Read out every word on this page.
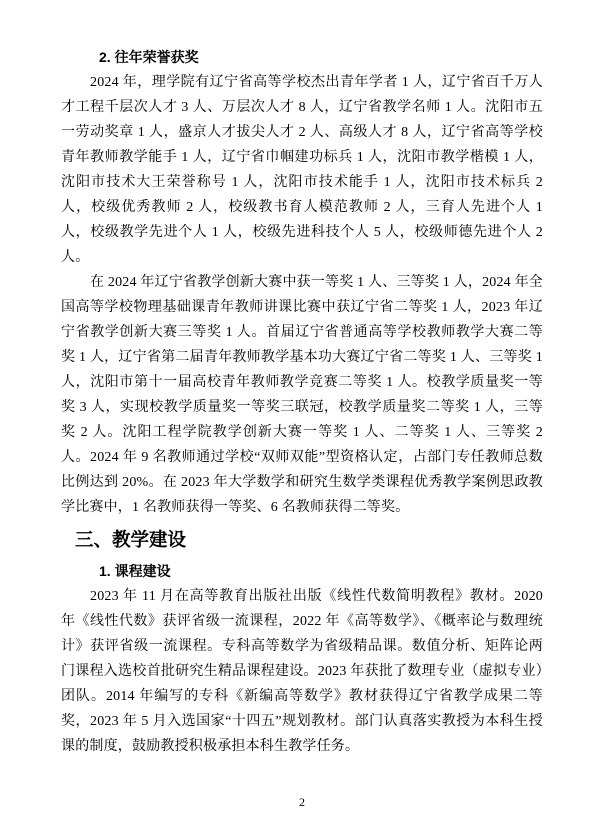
2. 往年荣誉获奖

2024 年，理学院有辽宁省高等学校杰出青年学者 1 人，辽宁省百千万人才工程千层次人才 3 人、万层次人才 8 人，辽宁省教学名师 1 人。沈阳市五一劳动奖章 1 人，盛京人才拔尖人才 2 人、高级人才 8 人，辽宁省高等学校青年教师教学能手 1 人，辽宁省巾帼建功标兵 1 人，沈阳市教学楷模 1 人，沈阳市技术大王荣誉称号 1 人，沈阳市技术能手 1 人，沈阳市技术标兵 2 人，校级优秀教师 2 人，校级教书育人模范教师 2 人，三育人先进个人 1 人，校级教学先进个人 1 人，校级先进科技个人 5 人，校级师德先进个人 2 人。

在 2024 年辽宁省教学创新大赛中获一等奖 1 人、三等奖 1 人，2024 年全国高等学校物理基础课青年教师讲课比赛中获辽宁省二等奖 1 人，2023 年辽宁省教学创新大赛三等奖 1 人。首届辽宁省普通高等学校教师教学大赛二等奖 1 人，辽宁省第二届青年教师教学基本功大赛辽宁省二等奖 1 人、三等奖 1 人，沈阳市第十一届高校青年教师教学竞赛二等奖 1 人。校教学质量奖一等奖 3 人，实现校教学质量奖一等奖三联冠，校教学质量奖二等奖 1 人，三等奖 2 人。沈阳工程学院教学创新大赛一等奖 1 人、二等奖 1 人、三等奖 2 人。2024 年 9 名教师通过学校“双师双能”型资格认定，占部门专任教师总数比例达到 20%。在 2023 年大学数学和研究生数学类课程优秀教学案例思政教学比赛中，1 名教师获得一等奖、6 名教师获得二等奖。

三、教学建设
1. 课程建设

2023 年 11 月在高等教育出版社出版《线性代数简明教程》教材。2020 年《线性代数》获评省级一流课程，2022 年《高等数学》、《概率论与数理统计》获评省级一流课程。专科高等数学为省级精品课。数值分析、矩阵论两门课程入选校首批研究生精品课程建设。2023 年获批了数理专业（虚拟专业）团队。2014 年编写的专科《新编高等数学》教材获得辽宁省教学成果二等奖，2023 年 5 月入选国家“十四五”规划教材。部门认真落实教授为本科生授课的制度，鼓励教授积极承担本科生教学任务。

2
